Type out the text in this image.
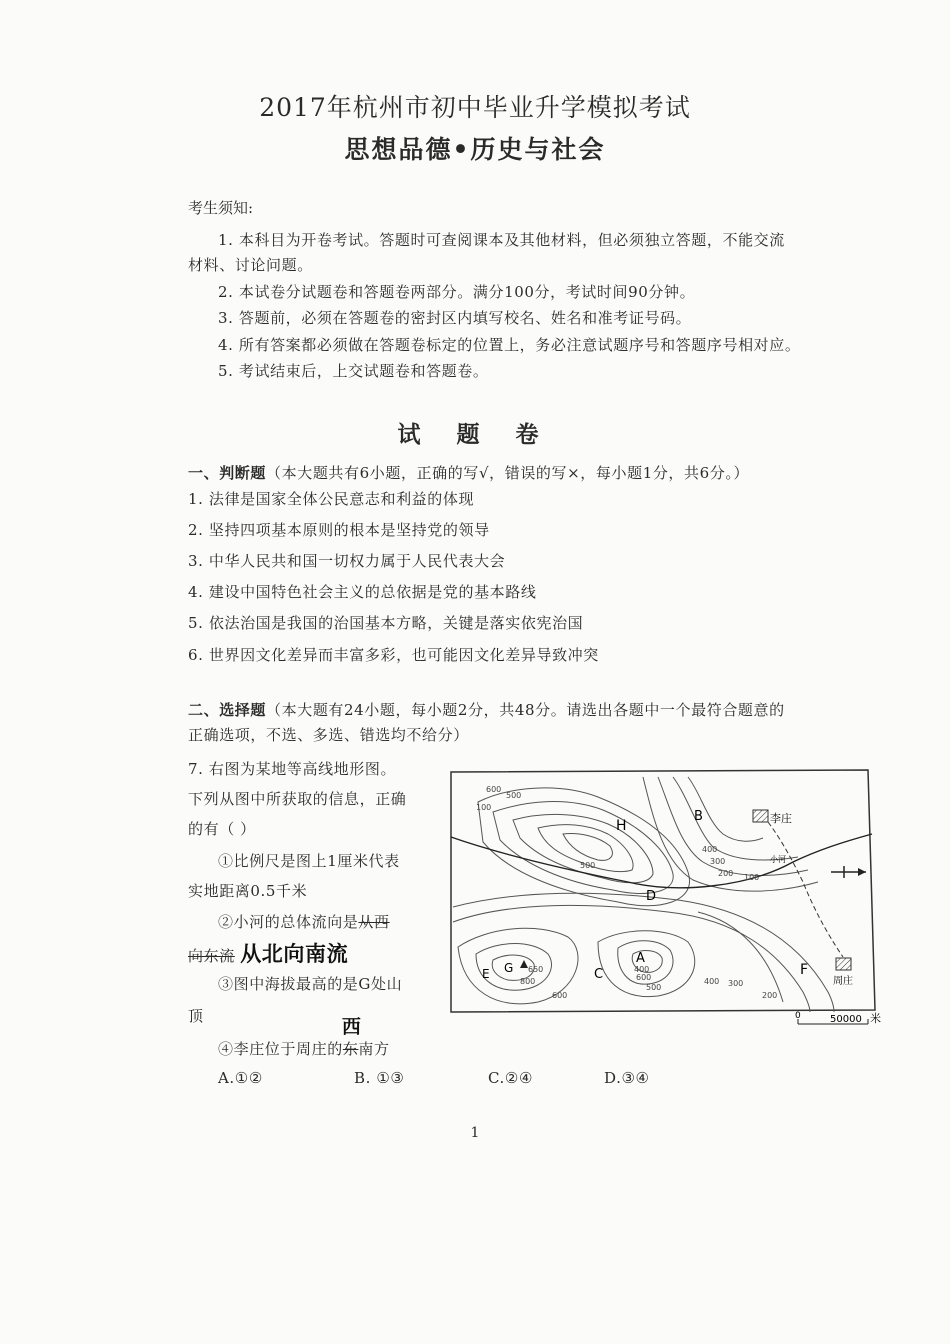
2017年杭州市初中毕业升学模拟考试
思想品德•历史与社会
考生须知:
1. 本科目为开卷考试。答题时可查阅课本及其他材料，但必须独立答题，不能交流
材料、讨论问题。
2. 本试卷分试题卷和答题卷两部分。满分100分，考试时间90分钟。
3. 答题前，必须在答题卷的密封区内填写校名、姓名和准考证号码。
4. 所有答案都必须做在答题卷标定的位置上，务必注意试题序号和答题序号相对应。
5. 考试结束后，上交试题卷和答题卷。
试 题 卷
一、判断题（本大题共有6小题，正确的写√，错误的写×，每小题1分，共6分。）
1. 法律是国家全体公民意志和利益的体现
2. 坚持四项基本原则的根本是坚持党的领导
3. 中华人民共和国一切权力属于人民代表大会
4. 建设中国特色社会主义的总依据是党的基本路线
5. 依法治国是我国的治国基本方略，关键是落实依宪治国
6. 世界因文化差异而丰富多彩，也可能因文化差异导致冲突
二、选择题（本大题有24小题，每小题2分，共48分。请选出各题中一个最符合题意的
正确选项，不选、多选、错选均不给分）
7. 右图为某地等高线地形图。
下列从图中所获取的信息，正确
的有（ ）
①比例尺是图上1厘米代表
实地距离0.5千米
②小河的总体流向是从西
向东流 从北向南流
③图中海拔最高的是G处山
顶
④李庄位于周庄的东
西
南方
A.①②	B. ①③	C.②④	D.③④
H
B
D
A
C
E G	F
李庄
周庄
小河
100
600
500
400
300
200 100
650
800
600
400
600
500
400 300
200
500
0	50000 米
1
